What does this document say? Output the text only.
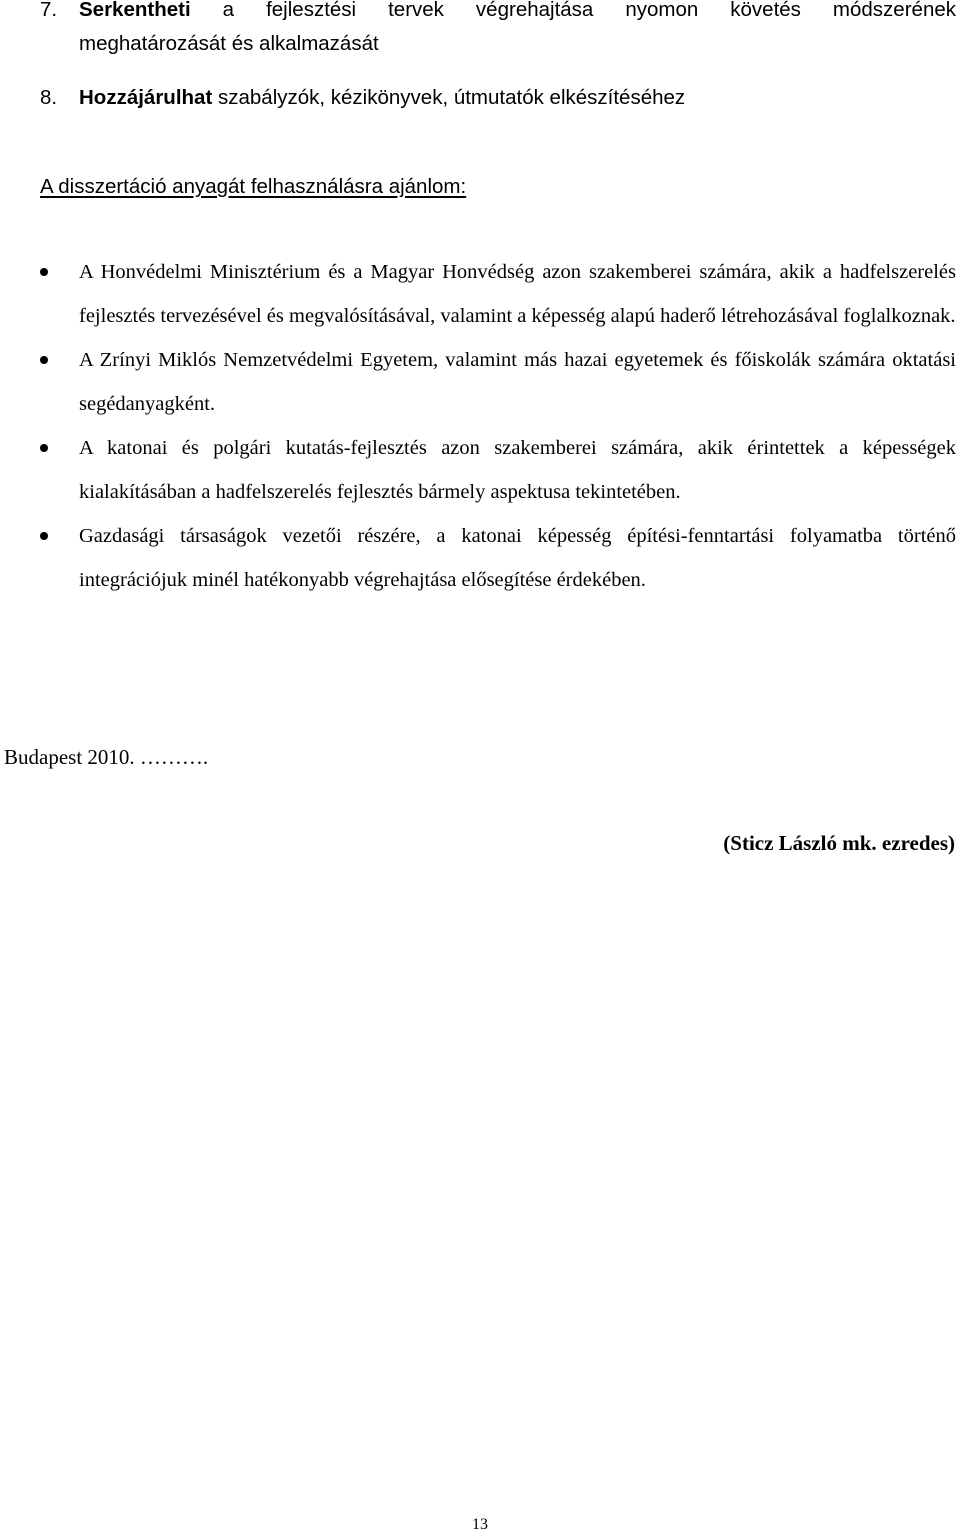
7. Serkentheti a fejlesztési tervek végrehajtása nyomon követés módszerének
meghatározását és alkalmazását
8. Hozzájárulhat szabályzók, kézikönyvek, útmutatók elkészítéséhez
A disszertáció anyagát felhasználásra ajánlom:
A Honvédelmi Minisztérium és a Magyar Honvédség azon szakemberei számára, akik a hadfelszerelés fejlesztés tervezésével és megvalósításával, valamint a képesség alapú haderő létrehozásával foglalkoznak.
A Zrínyi Miklós Nemzetvédelmi Egyetem, valamint más hazai egyetemek és főiskolák számára oktatási segédanyagként.
A katonai és polgári kutatás-fejlesztés azon szakemberei számára, akik érintettek a képességek kialakításában a hadfelszerelés fejlesztés bármely aspektusa tekintetében.
Gazdasági társaságok vezetői részére, a katonai képesség építési-fenntartási folyamatba történő integrációjuk minél hatékonyabb végrehajtása elősegítése érdekében.
Budapest 2010. ……….
(Sticz László mk. ezredes)
13
